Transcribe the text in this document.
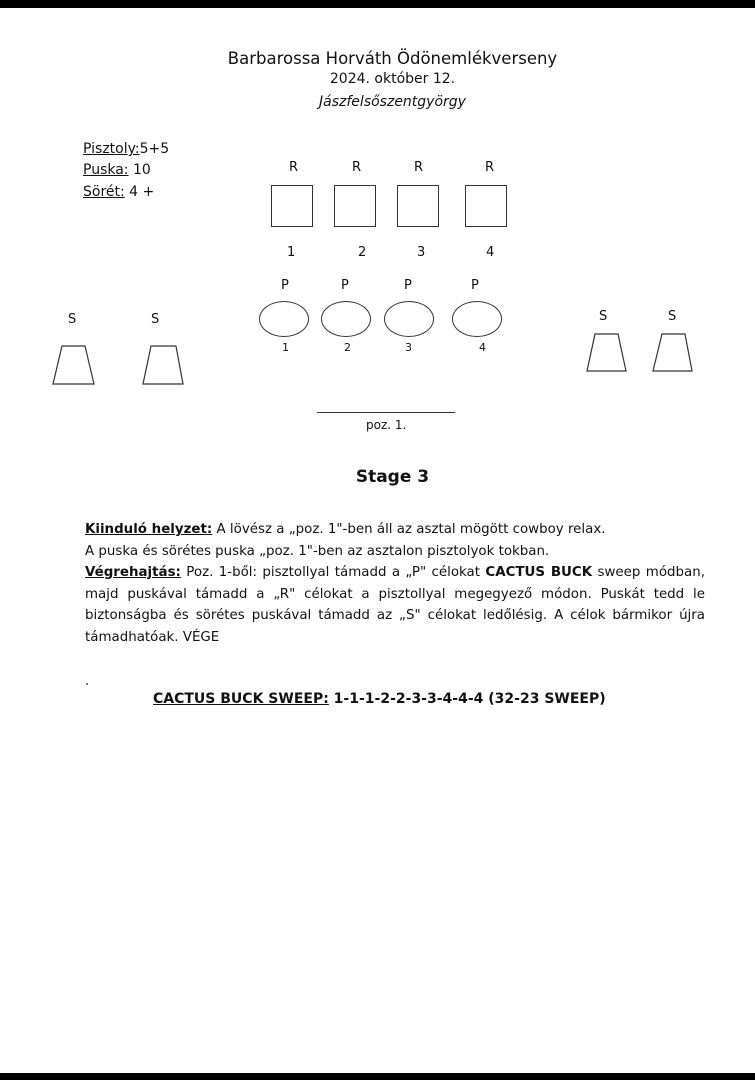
Barbarossa Horváth Ödönemlékverseny
2024. október 12.
Jászfelsőszentgyörgy
Pisztoly:5+5
Puska: 10
Sörét: 4 +
R	R	R	R
1	2	3	4
P	P	P	P
1	2	3	4
S	S	S	S
poz. 1.
Stage 3

Kiinduló helyzet: A lövész a „poz. 1"-ben áll az asztal mögött cowboy relax.

A puska és sörétes puska „poz. 1"-ben az asztalon pisztolyok tokban.

Végrehajtás: Poz. 1-ből: pisztollyal támadd a „P" célokat CACTUS BUCK sweep módban, majd puskával támadd a „R" célokat a pisztollyal megegyező módon. Puskát tedd le biztonságba és sörétes puskával támadd az „S" célokat ledőlésig. A célok bármikor újra támadhatóak. VÉGE

CACTUS BUCK SWEEP: 1-1-1-2-2-3-3-4-4-4 (32-23 SWEEP)
